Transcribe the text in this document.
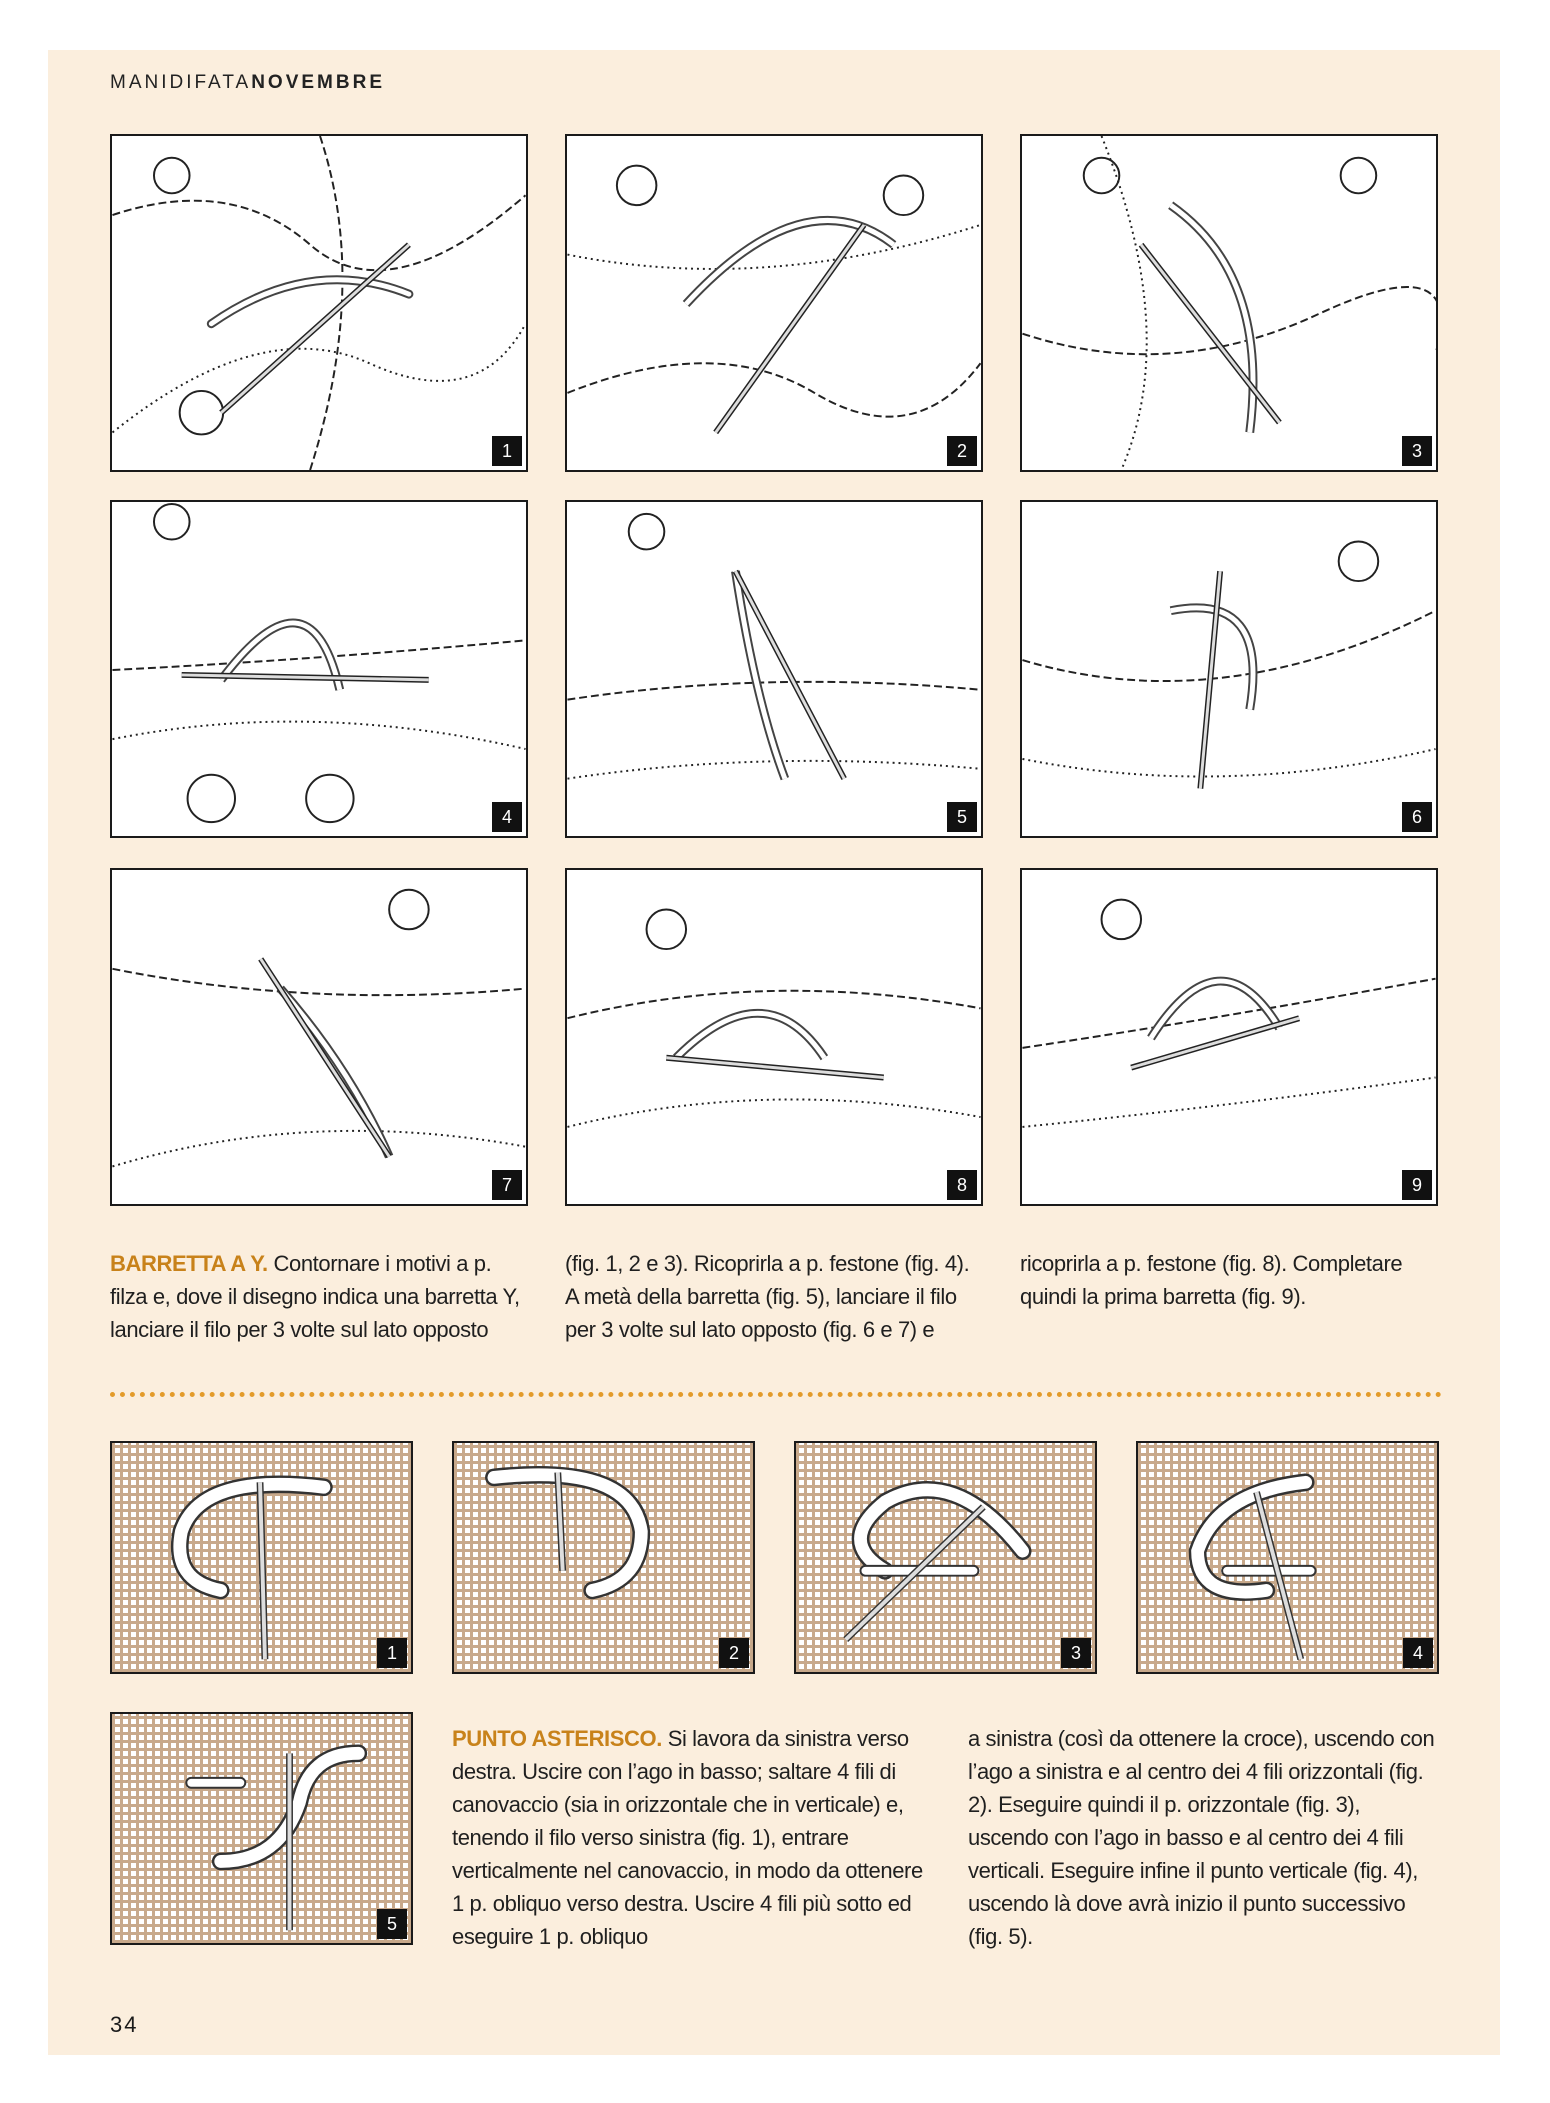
MANIDIFATANOVEMBRE
1	2	3
4	5	6
7	8	9
BARRETTA A Y. Contornare i motivi a p. filza e, dove il disegno indica una barretta Y, lanciare il filo per 3 volte sul lato opposto
(fig. 1, 2 e 3). Ricoprirla a p. festone (fig. 4). A metà della barretta (fig. 5), lanciare il filo per 3 volte sul lato opposto (fig. 6 e 7) e
ricoprirla a p. festone (fig. 8). Completare quindi la prima barretta (fig. 9).
1	2	3	4
5
PUNTO ASTERISCO. Si lavora da sinistra verso destra. Uscire con l’ago in basso; saltare 4 fili di canovaccio (sia in orizzontale che in verticale) e, tenendo il filo verso sinistra (fig. 1), entrare verticalmente nel canovaccio, in modo da ottenere 1 p. obliquo verso destra. Uscire 4 fili più sotto ed eseguire 1 p. obliquo
a sinistra (così da ottenere la croce), uscendo con l’ago a sinistra e al centro dei 4 fili orizzontali (fig. 2). Eseguire quindi il p. orizzontale (fig. 3), uscendo con l’ago in basso e al centro dei 4 fili verticali. Eseguire infine il punto verticale (fig. 4), uscendo là dove avrà inizio il punto successivo (fig. 5).
34
